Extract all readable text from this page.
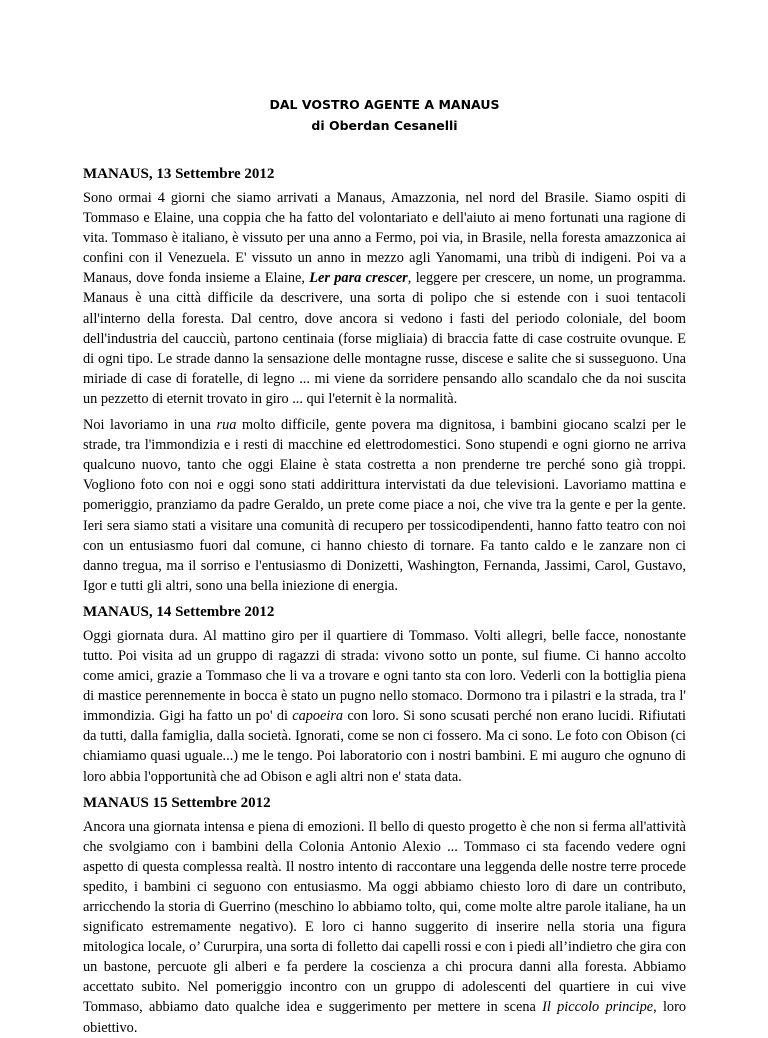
DAL VOSTRO AGENTE A MANAUS
di Oberdan Cesanelli
MANAUS, 13 Settembre 2012

Sono ormai 4 giorni che siamo arrivati a Manaus, Amazzonia, nel nord del Brasile. Siamo ospiti di Tommaso e Elaine, una coppia che ha fatto del volontariato e dell'aiuto ai meno fortunati una ragione di vita. Tommaso è italiano, è vissuto per una anno a Fermo, poi via, in Brasile, nella foresta amazzonica ai confini con il Venezuela. E' vissuto un anno in mezzo agli Yanomami, una tribù di indigeni. Poi va a Manaus, dove fonda insieme a Elaine, Ler para crescer, leggere per crescere, un nome, un programma. Manaus è una città difficile da descrivere, una sorta di polipo che si estende con i suoi tentacoli all'interno della foresta. Dal centro, dove ancora si vedono i fasti del periodo coloniale, del boom dell'industria del caucciù, partono centinaia (forse migliaia) di braccia fatte di case costruite ovunque. E di ogni tipo. Le strade danno la sensazione delle montagne russe, discese e salite che si susseguono. Una miriade di case di foratelle, di legno ... mi viene da sorridere pensando allo scandalo che da noi suscita un pezzetto di eternit trovato in giro ... qui l'eternit è la normalità.

Noi lavoriamo in una rua molto difficile, gente povera ma dignitosa, i bambini giocano scalzi per le strade, tra l'immondizia e i resti di macchine ed elettrodomestici. Sono stupendi e ogni giorno ne arriva qualcuno nuovo, tanto che oggi Elaine è stata costretta a non prenderne tre perché sono già troppi. Vogliono foto con noi e oggi sono stati addirittura intervistati da due televisioni. Lavoriamo mattina e pomeriggio, pranziamo da padre Geraldo, un prete come piace a noi, che vive tra la gente e per la gente. Ieri sera siamo stati a visitare una comunità di recupero per tossicodipendenti, hanno fatto teatro con noi con un entusiasmo fuori dal comune, ci hanno chiesto di tornare. Fa tanto caldo e le zanzare non ci danno tregua, ma il sorriso e l'entusiasmo di Donizetti, Washington, Fernanda, Jassimi, Carol, Gustavo, Igor e tutti gli altri, sono una bella iniezione di energia.

MANAUS, 14 Settembre 2012

Oggi giornata dura. Al mattino giro per il quartiere di Tommaso. Volti allegri, belle facce, nonostante tutto. Poi visita ad un gruppo di ragazzi di strada: vivono sotto un ponte, sul fiume. Ci hanno accolto come amici, grazie a Tommaso che li va a trovare e ogni tanto sta con loro. Vederli con la bottiglia piena di mastice perennemente in bocca è stato un pugno nello stomaco. Dormono tra i pilastri e la strada, tra l' immondizia. Gigi ha fatto un po' di capoeira con loro. Si sono scusati perché non erano lucidi. Rifiutati da tutti, dalla famiglia, dalla società. Ignorati, come se non ci fossero. Ma ci sono. Le foto con Obison (ci chiamiamo quasi uguale...) me le tengo. Poi laboratorio con i nostri bambini. E mi auguro che ognuno di loro abbia l'opportunità che ad Obison e agli altri non e' stata data.

MANAUS 15 Settembre 2012

Ancora una giornata intensa e piena di emozioni. Il bello di questo progetto è che non si ferma all'attività che svolgiamo con i bambini della Colonia Antonio Alexio ... Tommaso ci sta facendo vedere ogni aspetto di questa complessa realtà. Il nostro intento di raccontare una leggenda delle nostre terre procede spedito, i bambini ci seguono con entusiasmo. Ma oggi abbiamo chiesto loro di dare un contributo, arricchendo la storia di Guerrino (meschino lo abbiamo tolto, qui, come molte altre parole italiane, ha un significato estremamente negativo). E loro ci hanno suggerito di inserire nella storia una figura mitologica locale, o’ Cururpira, una sorta di folletto dai capelli rossi e con i piedi all’indietro che gira con un bastone, percuote gli alberi e fa perdere la coscienza a chi procura danni alla foresta. Abbiamo accettato subito. Nel pomeriggio incontro con un gruppo di adolescenti del quartiere in cui vive Tommaso, abbiamo dato qualche idea e suggerimento per mettere in scena Il piccolo principe, loro obiettivo.
